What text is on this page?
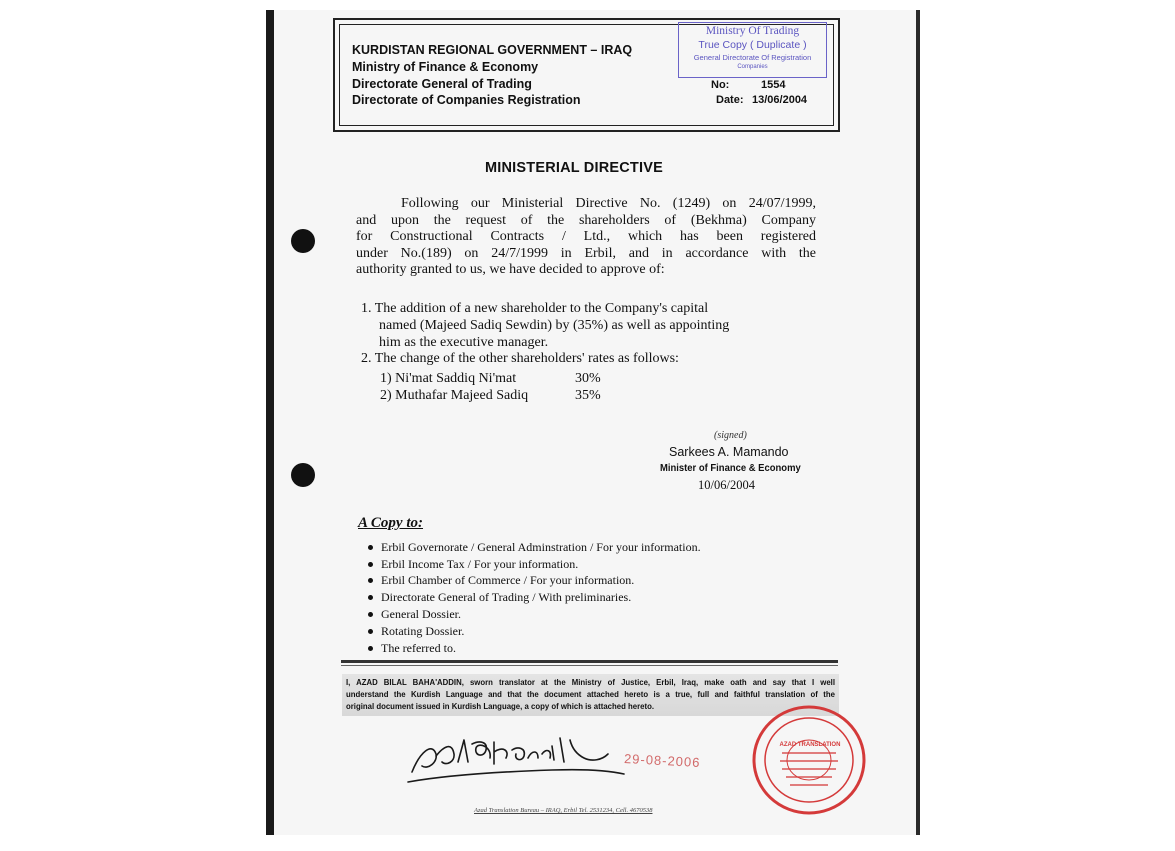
KURDISTAN REGIONAL GOVERNMENT – IRAQ
Ministry of Finance & Economy
Directorate General of Trading
Directorate of Companies Registration
Ministry Of Trading
True Copy ( Duplicate )
General Directorate Of Registration
Companies
No:	1554
Date: 13/06/2004
MINISTERIAL DIRECTIVE
Following our Ministerial Directive No. (1249) on 24/07/1999,
and upon the request of the shareholders of (Bekhma) Company
for Constructional Contracts / Ltd., which has been registered
under No.(189) on 24/7/1999 in Erbil, and in accordance with the
authority granted to us, we have decided to approve of:
1. The addition of a new shareholder to the Company's capital
named (Majeed Sadiq Sewdin) by (35%) as well as appointing
him as the executive manager.
2. The change of the other shareholders' rates as follows:
1) Ni'mat Saddiq Ni'mat	30%
2) Muthafar Majeed Sadiq	35%
(signed)
Sarkees A. Mamando
Minister of Finance & Economy
10/06/2004
A Copy to:
Erbil Governorate / General Adminstration / For your information.
Erbil Income Tax / For your information.
Erbil Chamber of Commerce / For your information.
Directorate General of Trading / With preliminaries.
General Dossier.
Rotating Dossier.
The referred to.
I, AZAD BILAL BAHA'ADDIN, sworn translator at the Ministry of Justice, Erbil, Iraq, make oath and say that I well
understand the Kurdish Language and that the document attached hereto is a true, full and faithful translation of the
original document issued in Kurdish Language, a copy of which is attached hereto.
29-08-2006
AZAD TRANSLATION
Azad Translation Bureau – IRAQ, Erbil Tel. 2531234, Cell. 4670538
